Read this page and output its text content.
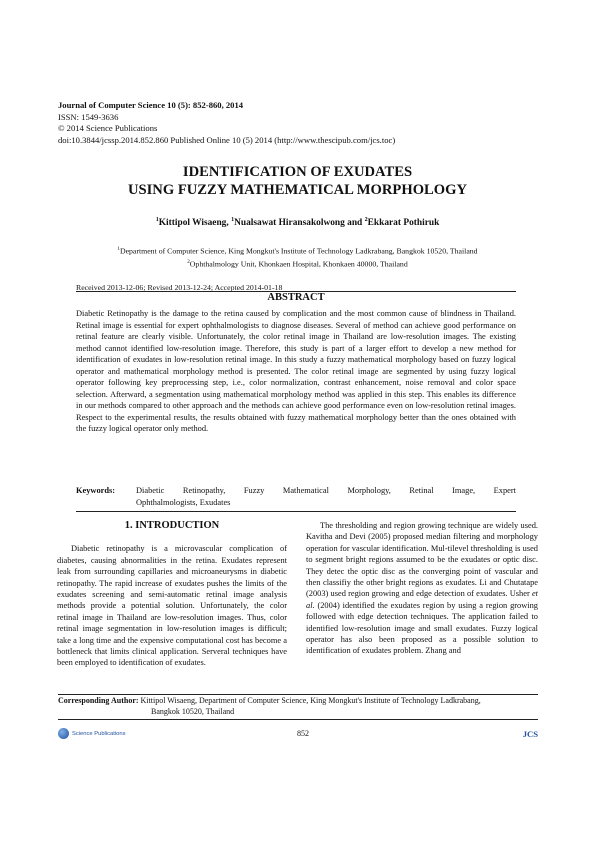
Journal of Computer Science 10 (5): 852-860, 2014
ISSN: 1549-3636
© 2014 Science Publications
doi:10.3844/jcssp.2014.852.860 Published Online 10 (5) 2014 (http://www.thescipub.com/jcs.toc)
IDENTIFICATION OF EXUDATES
USING FUZZY MATHEMATICAL MORPHOLOGY
$^1$Kittipol Wisaeng, $^1$Nualsawat Hiransakolwong and $^2$Ekkarat Pothiruk
$^1$Department of Computer Science, King Mongkut's Institute of Technology Ladkrabang, Bangkok 10520, Thailand
$^2$Ophthalmology Unit, Khonkaen Hospital, Khonkaen 40000, Thailand
Received 2013-12-06; Revised 2013-12-24; Accepted 2014-01-18
ABSTRACT
Diabetic Retinopathy is the damage to the retina caused by complication and the most common cause of blindness in Thailand. Retinal image is essential for expert ophthalmologists to diagnose diseases. Several of method can achieve good performance on retinal feature are clearly visible. Unfortunately, the color retinal image in Thailand are low-resolution images. The existing method cannot identified low-resolution image. Therefore, this study is part of a larger effort to develop a new method for identification of exudates in low-resolution retinal image. In this study a fuzzy mathematical morphology based on fuzzy logical operator and mathematical morphology method is presented. The color retinal image are segmented by using fuzzy logical operator following key preprocessing step, i.e., color normalization, contrast enhancement, noise removal and color space selection. Afterward, a segmentation using mathematical morphology method was applied in this step. This enables its difference in our methods compared to other approach and the methods can achieve good performance even on low-resolution retinal images. Respect to the experimental results, the results obtained with fuzzy mathematical morphology better than the ones obtained with the fuzzy logical operator only method.
Keywords:	Diabetic Retinopathy, Fuzzy Mathematical Morphology, Retinal Image, Expert
Ophthalmologists, Exudates
1. INTRODUCTION

Diabetic retinopathy is a microvascular complication of diabetes, causing abnormalities in the retina. Exudates represent leak from surrounding capillaries and microaneurysms in diabetic retinopathy. The rapid increase of exudates pushes the limits of the exudates screening and semi-automatic retinal image analysis methods provide a potential solution. Unfortunately, the color retinal image in Thailand are low-resolution images. Thus, color retinal image segmentation in low-resolution images is difficult; take a long time and the expensive computational cost has become a bottleneck that limits clinical application. Serveral techniques have been employed to identification of exudates.

The thresholding and region growing technique are widely used. Kavitha and Devi (2005) proposed median filtering and morphology operation for vascular identification. Mul-tilevel thresholding is used to segment bright regions assumed to be the exudates or optic disc. They detec the optic disc as the converging point of vascular and then classifiy the other bright regions as exudates. Li and Chutatape (2003) used region growing and edge detection of exudates. Usher et al. (2004) identified the exudates region by using a region growing followed with edge detection techniques. The application failed to identified low-resolution image and small exudates. Fuzzy logical operator has also been proposed as a possible solution to identification of exudates problem. Zhang and

Corresponding Author: Kittipol Wisaeng, Department of Computer Science, King Mongkut's Institute of Technology Ladkrabang,
Bangkok 10520, Thailand
Science Publications	852	JCS
